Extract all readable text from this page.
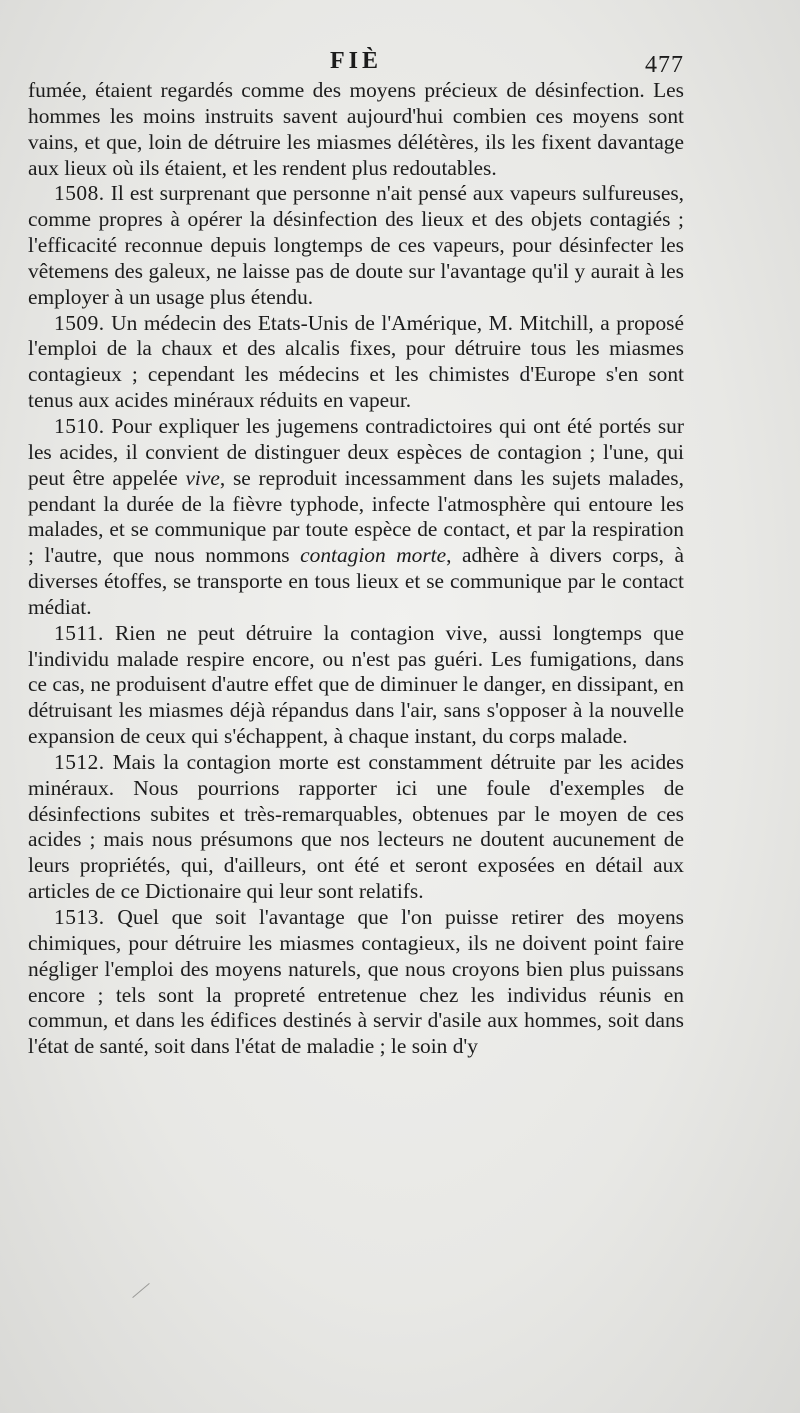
FIÈ	477

fumée, étaient regardés comme des moyens précieux de désinfection. Les hommes les moins instruits savent aujourd'hui combien ces moyens sont vains, et que, loin de détruire les miasmes délétères, ils les fixent davantage aux lieux où ils étaient, et les rendent plus redoutables.

1508. Il est surprenant que personne n'ait pensé aux vapeurs sulfureuses, comme propres à opérer la désinfection des lieux et des objets contagiés ; l'efficacité reconnue depuis longtemps de ces vapeurs, pour désinfecter les vêtemens des galeux, ne laisse pas de doute sur l'avantage qu'il y aurait à les employer à un usage plus étendu.

1509. Un médecin des Etats-Unis de l'Amérique, M. Mitchill, a proposé l'emploi de la chaux et des alcalis fixes, pour détruire tous les miasmes contagieux ; cependant les médecins et les chimistes d'Europe s'en sont tenus aux acides minéraux réduits en vapeur.

1510. Pour expliquer les jugemens contradictoires qui ont été portés sur les acides, il convient de distinguer deux espèces de contagion ; l'une, qui peut être appelée vive, se reproduit incessamment dans les sujets malades, pendant la durée de la fièvre typhode, infecte l'atmosphère qui entoure les malades, et se communique par toute espèce de contact, et par la respiration ; l'autre, que nous nommons contagion morte, adhère à divers corps, à diverses étoffes, se transporte en tous lieux et se communique par le contact médiat.

1511. Rien ne peut détruire la contagion vive, aussi longtemps que l'individu malade respire encore, ou n'est pas guéri. Les fumigations, dans ce cas, ne produisent d'autre effet que de diminuer le danger, en dissipant, en détruisant les miasmes déjà répandus dans l'air, sans s'opposer à la nouvelle expansion de ceux qui s'échappent, à chaque instant, du corps malade.

1512. Mais la contagion morte est constamment détruite par les acides minéraux. Nous pourrions rapporter ici une foule d'exemples de désinfections subites et très-remarquables, obtenues par le moyen de ces acides ; mais nous présumons que nos lecteurs ne doutent aucunement de leurs propriétés, qui, d'ailleurs, ont été et seront exposées en détail aux articles de ce Dictionaire qui leur sont relatifs.

1513. Quel que soit l'avantage que l'on puisse retirer des moyens chimiques, pour détruire les miasmes contagieux, ils ne doivent point faire négliger l'emploi des moyens naturels, que nous croyons bien plus puissans encore ; tels sont la propreté entretenue chez les individus réunis en commun, et dans les édifices destinés à servir d'asile aux hommes, soit dans l'état de santé, soit dans l'état de maladie ; le soin d'y
